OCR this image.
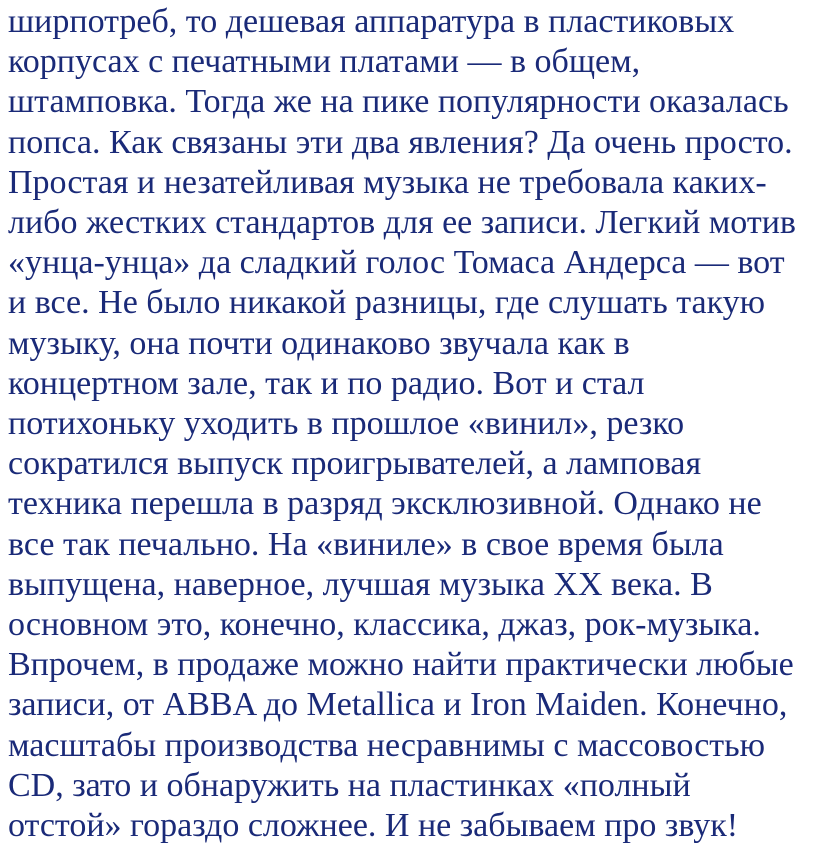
ширпотреб, то дешевая аппаратура в пластиковых
корпусах с печатными платами — в общем,
штамповка. Тогда же на пике популярности оказалась
попса. Как связаны эти два явления? Да очень просто.
Простая и незатейливая музыка не требовала каких-
либо жестких стандартов для ее записи. Легкий мотив
«унца-унца» да сладкий голос Томаса Андерса — вот
и все. Не было никакой разницы, где слушать такую
музыку, она почти одинаково звучала как в
концертном зале, так и по радио. Вот и стал
потихоньку уходить в прошлое «винил», резко
сократился выпуск проигрывателей, а ламповая
техника перешла в разряд эксклюзивной. Однако не
все так печально. На «виниле» в свое время была
выпущена, наверное, лучшая музыка XX века. В
основном это, конечно, классика, джаз, рок-музыка.
Впрочем, в продаже можно найти практически любые
записи, от ABBA до Metallica и Iron Maiden. Конечно,
масштабы производства несравнимы с массовостью
CD, зато и обнаружить на пластинках «полный
отстой» гораздо сложнее. И не забываем про звук!
